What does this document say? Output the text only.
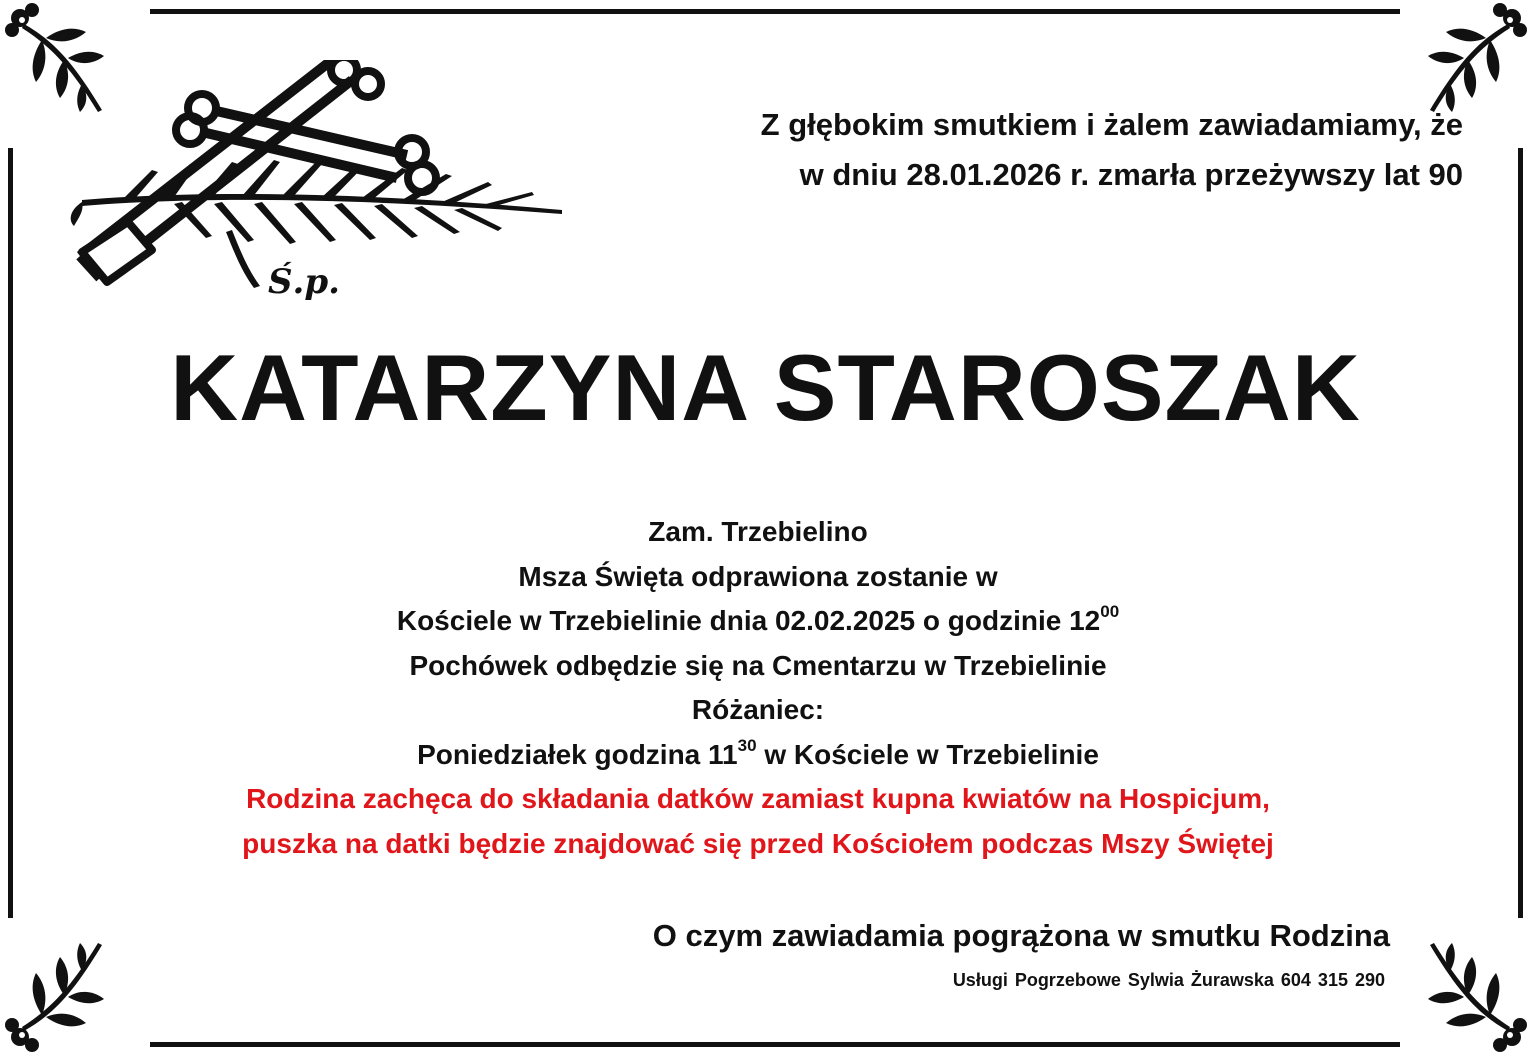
Ś.p.

Z głębokim smutkiem i żalem zawiadamiamy, że

w dniu 28.01.2026 r. zmarła przeżywszy lat 90

KATARZYNA STAROSZAK

Zam. Trzebielino

Msza Święta odprawiona zostanie w

Kościele w Trzebielinie dnia 02.02.2025 o godzinie $12^{00}$

Pochówek odbędzie się na Cmentarzu w Trzebielinie

Różaniec:

Poniedziałek godzina $11^{30}$ w Kościele w Trzebielinie

Rodzina zachęca do składania datków zamiast kupna kwiatów na Hospicjum,

puszka na datki będzie znajdować się przed Kościołem podczas Mszy Świętej

O czym zawiadamia pogrążona w smutku Rodzina
Usługi Pogrzebowe Sylwia Żurawska 604 315 290
